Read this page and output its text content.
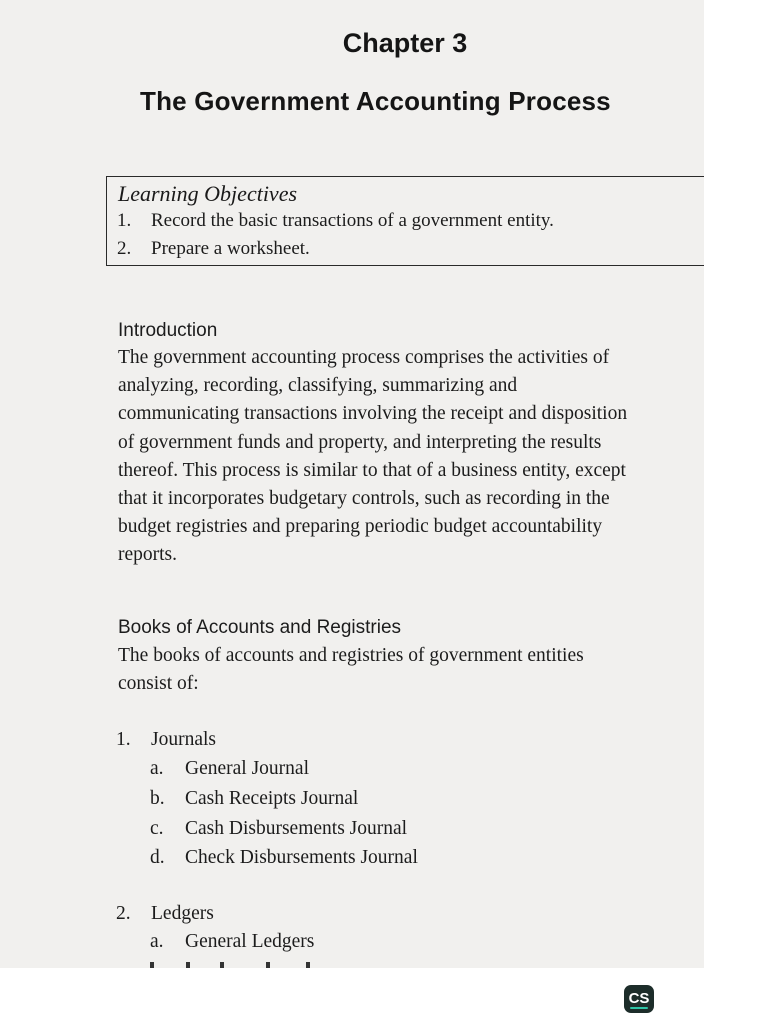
Chapter 3
The Government Accounting Process
Learning Objectives
1. Record the basic transactions of a government entity.
2. Prepare a worksheet.
Introduction
The government accounting process comprises the activities of
analyzing, recording, classifying, summarizing and
communicating transactions involving the receipt and disposition
of government funds and property, and interpreting the results
thereof. This process is similar to that of a business entity, except
that it incorporates budgetary controls, such as recording in the
budget registries and preparing periodic budget accountability
reports.
Books of Accounts and Registries
The books of accounts and registries of government entities
consist of:
1. Journals
a. General Journal
b. Cash Receipts Journal
c. Cash Disbursements Journal
d. Check Disbursements Journal
2. Ledgers
a. General Ledgers
CS
